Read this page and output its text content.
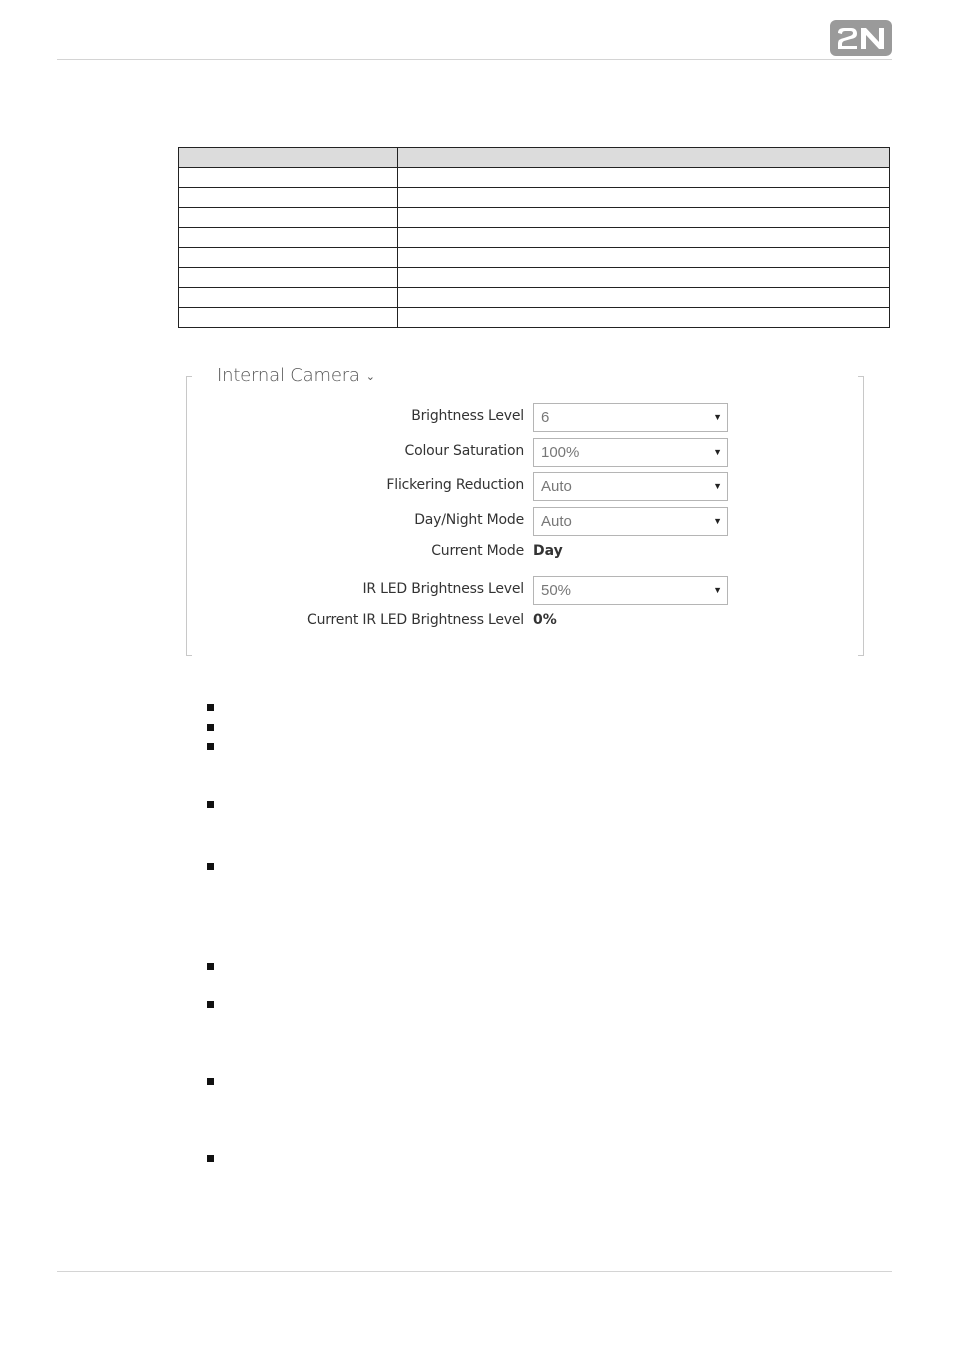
Internal Camera ⌄
Brightness Level 6	▼
Colour Saturation 100%	▼
Flickering Reduction Auto	▼
Day/Night Mode Auto	▼
Current Mode Day
IR LED Brightness Level 50%	▼
Current IR LED Brightness Level 0%
